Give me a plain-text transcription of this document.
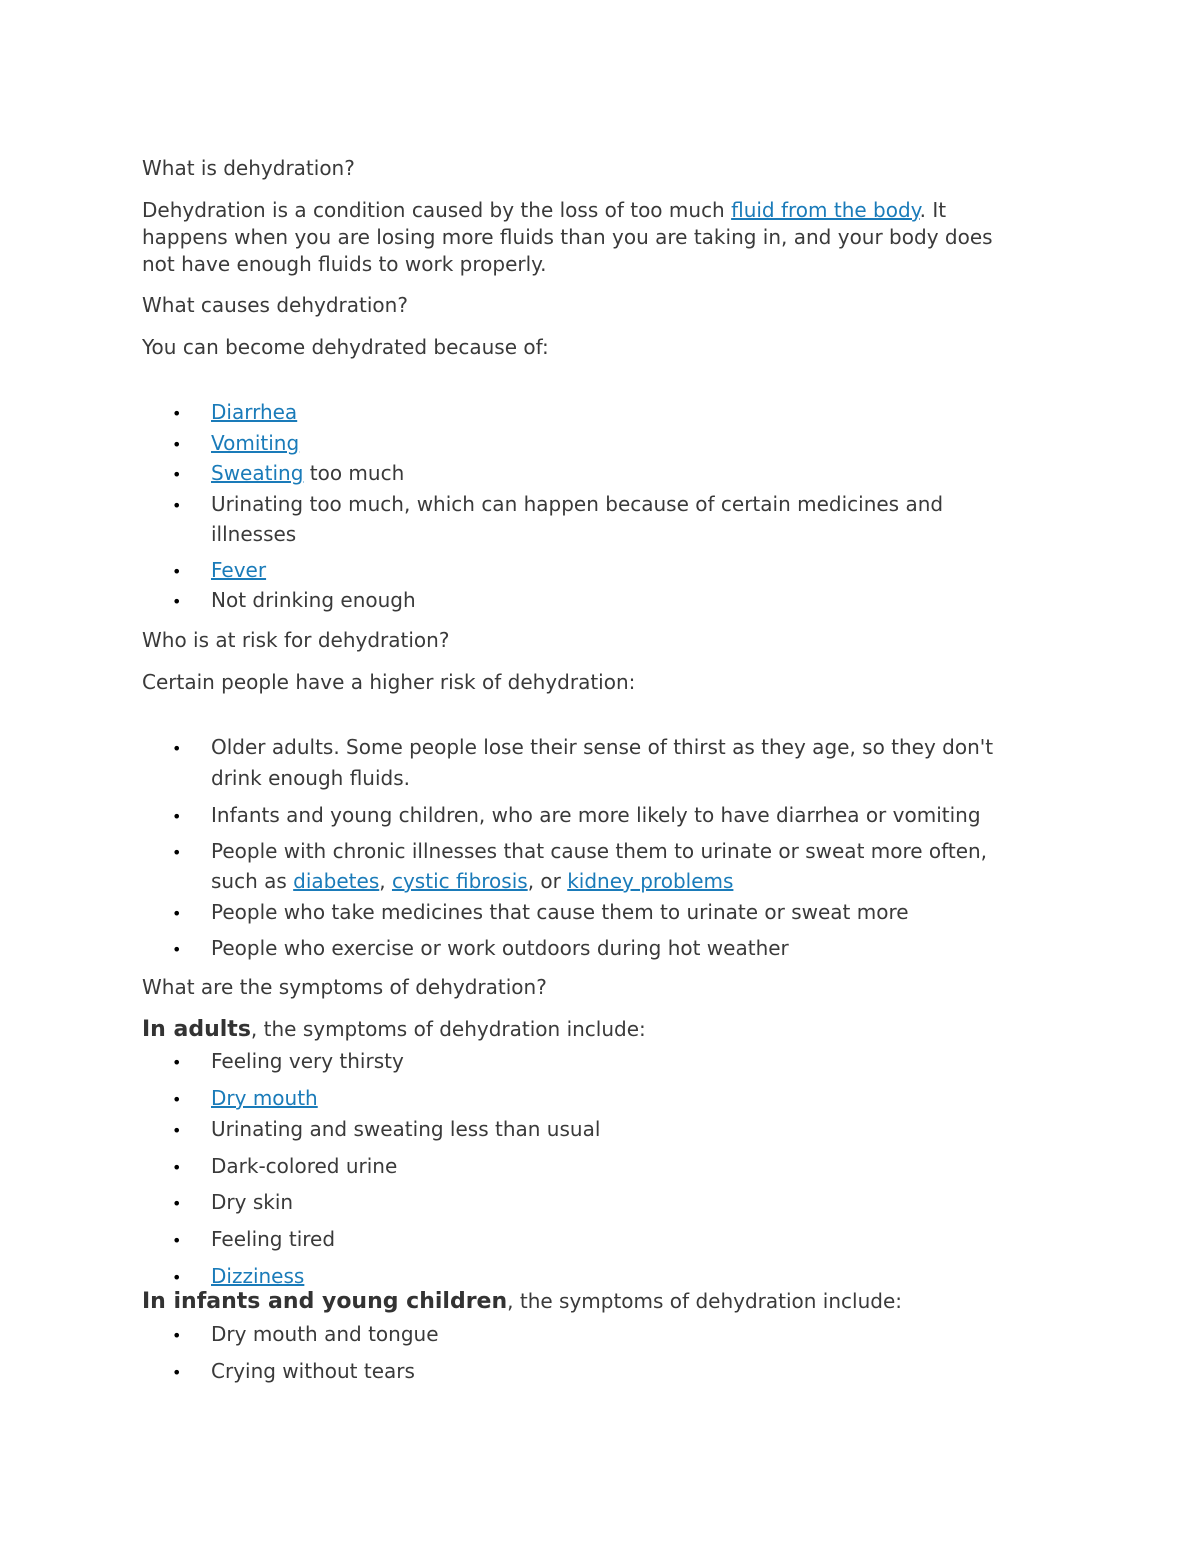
What is dehydration?
Dehydration is a condition caused by the loss of too much fluid from the body. It
happens when you are losing more fluids than you are taking in, and your body does
not have enough fluids to work properly.
What causes dehydration?
You can become dehydrated because of:
• Diarrhea
• Vomiting
• Sweating too much
• Urinating too much, which can happen because of certain medicines and
illnesses
• Fever
• Not drinking enough
Who is at risk for dehydration?
Certain people have a higher risk of dehydration:
• Older adults. Some people lose their sense of thirst as they age, so they don't
drink enough fluids.
• Infants and young children, who are more likely to have diarrhea or vomiting
• People with chronic illnesses that cause them to urinate or sweat more often,
such as diabetes, cystic fibrosis, or kidney problems
• People who take medicines that cause them to urinate or sweat more
• People who exercise or work outdoors during hot weather
What are the symptoms of dehydration?
In adults, the symptoms of dehydration include:
• Feeling very thirsty
• Dry mouth
• Urinating and sweating less than usual
• Dark-colored urine
• Dry skin
• Feeling tired
• Dizziness
In infants and young children, the symptoms of dehydration include:
• Dry mouth and tongue
• Crying without tears
